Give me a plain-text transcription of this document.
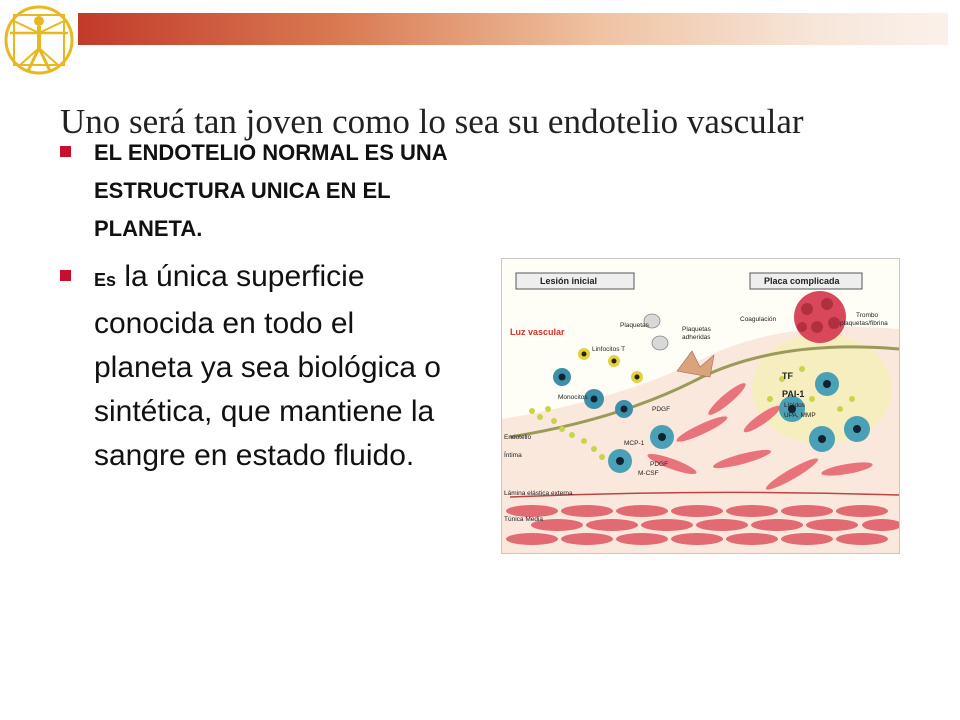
Uno será tan joven como lo sea su endotelio vascular
EL ENDOTELIO NORMAL ES UNA ESTRUCTURA UNICA EN EL PLANETA.
Es la única superficie conocida en todo el planeta ya sea biológica o sintética, que mantiene la sangre en estado fluido.
Lesión inicial	Placa complicada
Luz vascular
Plaquetas
Plaquetas
adheridas
Linfocitos T
Monocitos
Coagulación
Trombo
plaquetas/fibrina
PDGF
PDGF
MCP-1
M-CSF
TF
PAI-1
Lípidos
UPA, MMP
Endotelio
Íntima
Lámina elástica externa
Túnica Media
